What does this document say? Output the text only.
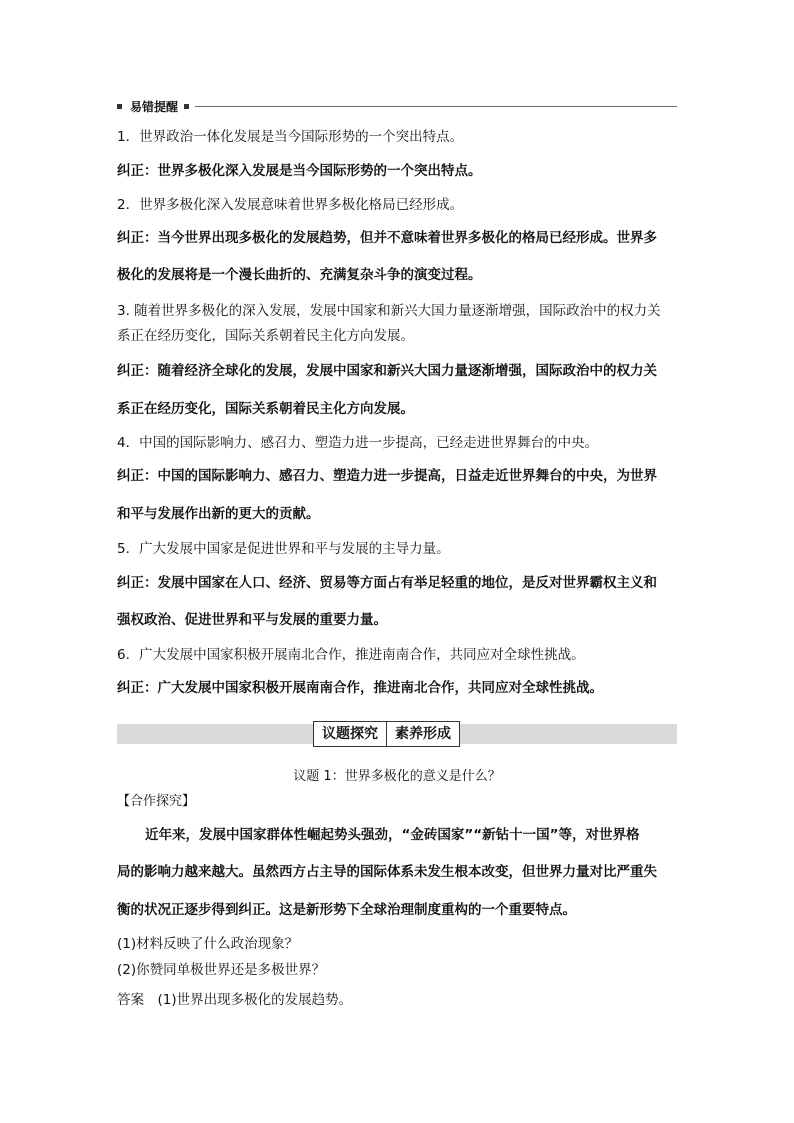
易错提醒
1．世界政治一体化发展是当今国际形势的一个突出特点。
纠正：世界多极化深入发展是当今国际形势的一个突出特点。
2．世界多极化深入发展意味着世界多极化格局已经形成。
纠正：当今世界出现多极化的发展趋势，但并不意味着世界多极化的格局已经形成。世界多
极化的发展将是一个漫长曲折的、充满复杂斗争的演变过程。
3. 随着世界多极化的深入发展，发展中国家和新兴大国力量逐渐增强，国际政治中的权力关
系正在经历变化，国际关系朝着民主化方向发展。
纠正：随着经济全球化的发展，发展中国家和新兴大国力量逐渐增强，国际政治中的权力关
系正在经历变化，国际关系朝着民主化方向发展。
4．中国的国际影响力、感召力、塑造力进一步提高，已经走进世界舞台的中央。
纠正：中国的国际影响力、感召力、塑造力进一步提高，日益走近世界舞台的中央，为世界
和平与发展作出新的更大的贡献。
5．广大发展中国家是促进世界和平与发展的主导力量。
纠正：发展中国家在人口、经济、贸易等方面占有举足轻重的地位，是反对世界霸权主义和
强权政治、促进世界和平与发展的重要力量。
6．广大发展中国家积极开展南北合作，推进南南合作，共同应对全球性挑战。
纠正：广大发展中国家积极开展南南合作，推进南北合作，共同应对全球性挑战。
议题探究	素养形成
议题 1：世界多极化的意义是什么？
【合作探究】
近年来，发展中国家群体性崛起势头强劲，“金砖国家”“新钻十一国”等，对世界格
局的影响力越来越大。虽然西方占主导的国际体系未发生根本改变，但世界力量对比严重失
衡的状况正逐步得到纠正。这是新形势下全球治理制度重构的一个重要特点。
(1)材料反映了什么政治现象？
(2)你赞同单极世界还是多极世界？
答案　(1)世界出现多极化的发展趋势。
